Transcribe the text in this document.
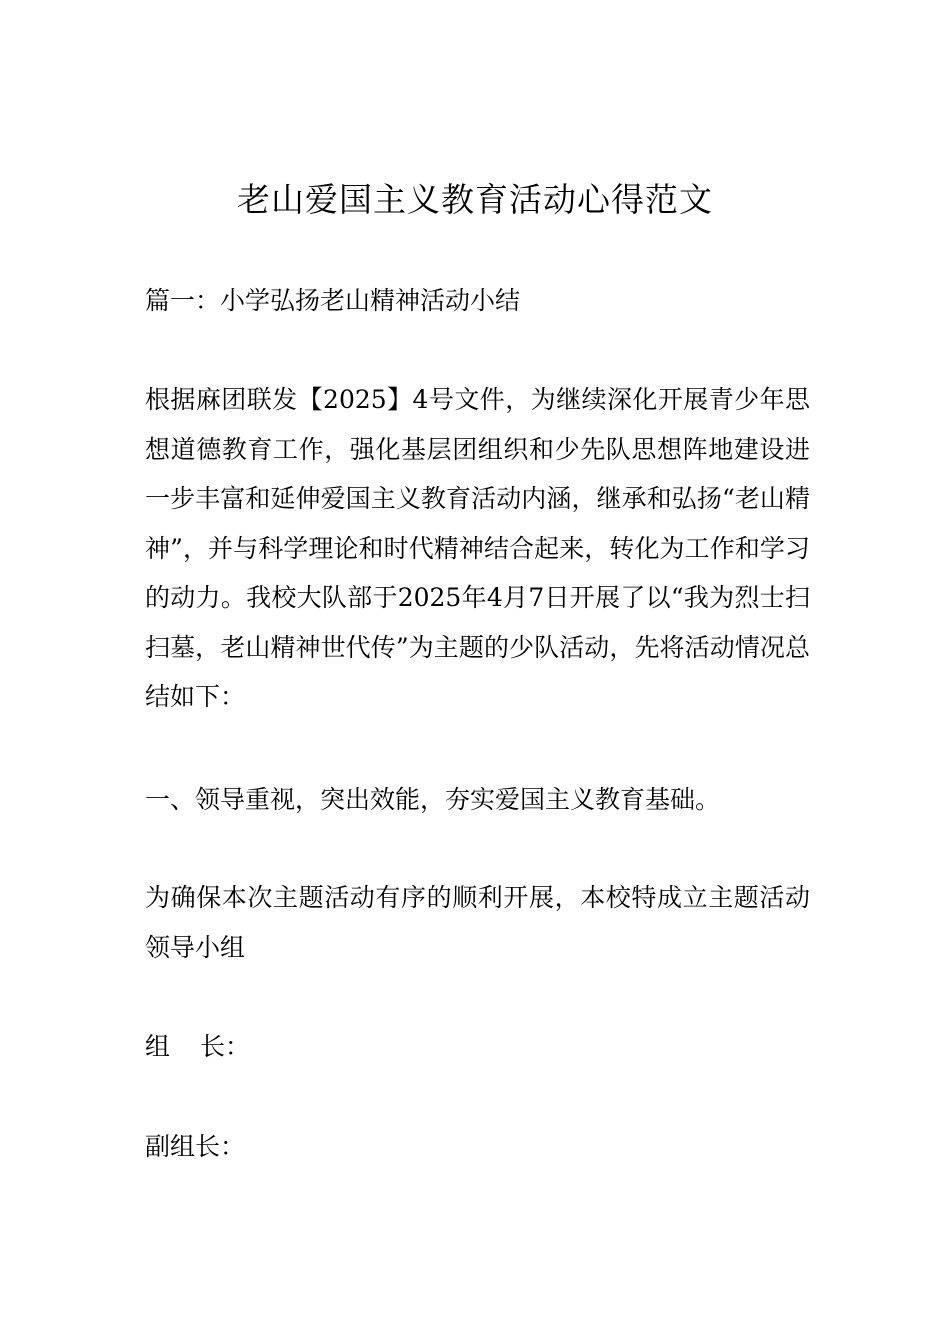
老山爱国主义教育活动心得范文

篇一：小学弘扬老山精神活动小结

根据麻团联发【2025】4号文件，为继续深化开展青少年思想道德教育工作，强化基层团组织和少先队思想阵地建设进一步丰富和延伸爱国主义教育活动内涵，继承和弘扬“老山精神”，并与科学理论和时代精神结合起来，转化为工作和学习的动力。我校大队部于2025年4月7日开展了以“我为烈士扫扫墓，老山精神世代传”为主题的少队活动，先将活动情况总结如下：

一、领导重视，突出效能，夯实爱国主义教育基础。

为确保本次主题活动有序的顺利开展，本校特成立主题活动领导小组

组 长：

副组长：
